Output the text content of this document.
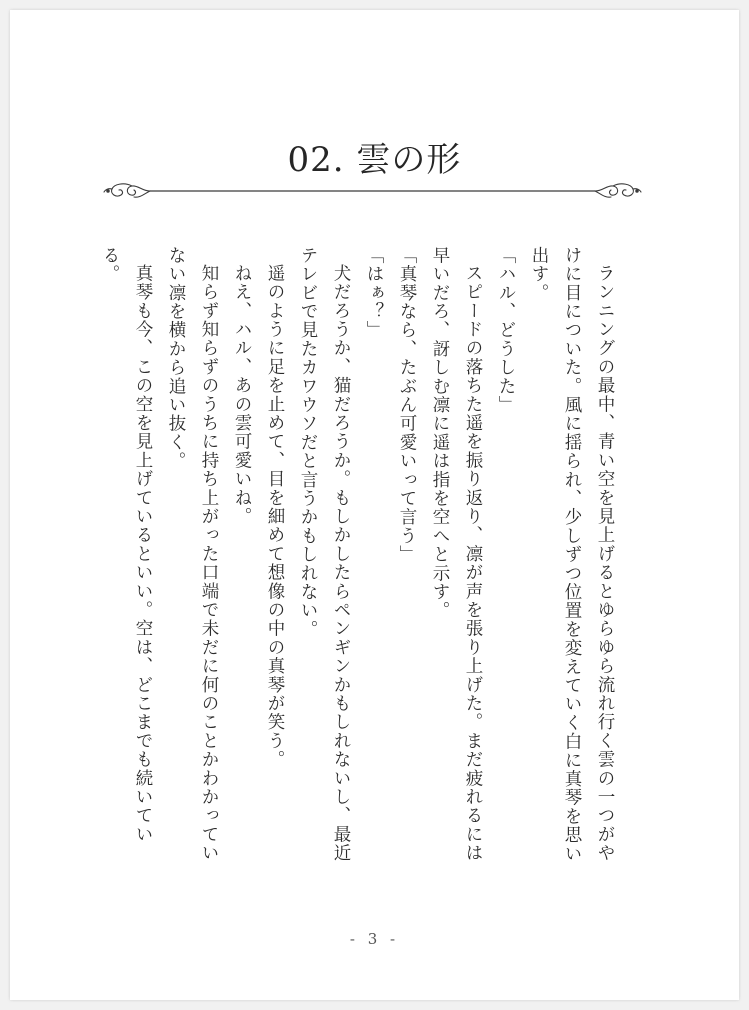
02. 雲の形

ランニングの最中、青い空を見上げるとゆらゆら流れ行く雲の一つがやけに目についた。風に揺られ、少しずつ位置を変えていく白に真琴を思い出す。

「ハル、どうした」

スピードの落ちた遥を振り返り、凛が声を張り上げた。まだ疲れるには早いだろ、訝しむ凛に遥は指を空へと示す。

「真琴なら、たぶん可愛いって言う」

「はぁ？」

犬だろうか、猫だろうか。もしかしたらペンギンかもしれないし、最近テレビで見たカワウソだと言うかもしれない。

遥のように足を止めて、目を細めて想像の中の真琴が笑う。

ねえ、ハル、あの雲可愛いね。

知らず知らずのうちに持ち上がった口端で未だに何のことかわかっていない凛を横から追い抜く。

真琴も今、この空を見上げているといい。空は、どこまでも続いている。

- 3 -
